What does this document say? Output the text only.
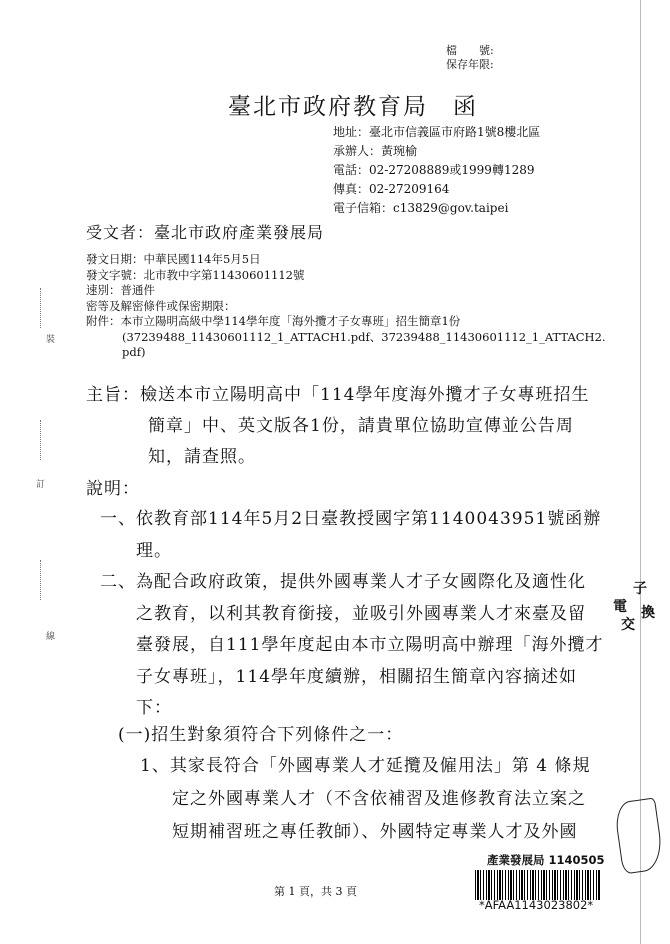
檔　　號:
保存年限:
臺北市政府教育局　函
地址：臺北市信義區市府路1號8樓北區
承辦人：黃琬榆
電話：02-27208889或1999轉1289
傳真：02-27209164
電子信箱：c13829@gov.taipei
受文者：臺北市政府產業發展局
發文日期：中華民國114年5月5日
發文字號：北市教中字第11430601112號
速別：普通件
密等及解密條件或保密期限：
附件：本市立陽明高級中學114學年度「海外攬才子女專班」招生簡章1份
(37239488_11430601112_1_ATTACH1.pdf、37239488_11430601112_1_ATTACH2.
pdf)
主旨：檢送本市立陽明高中「114學年度海外攬才子女專班招生
簡章」中、英文版各1份，請貴單位協助宣傳並公告周
知，請查照。
說明：
一、依教育部114年5月2日臺教授國字第1140043951號函辦
理。
二、為配合政府政策，提供外國專業人才子女國際化及適性化
之教育，以利其教育銜接，並吸引外國專業人才來臺及留
臺發展，自111學年度起由本市立陽明高中辦理「海外攬才
子女專班」，114學年度續辦，相關招生簡章內容摘述如
下：
(一)招生對象須符合下列條件之一：
1、其家長符合「外國專業人才延攬及僱用法」第 4 條規
定之外國專業人才（不含依補習及進修教育法立案之
短期補習班之專任教師）、外國特定專業人才及外國
電
子
交
換
產業發展局 1140505
*AFAA1143023802*
第 1 頁，共 3 頁
裝
訂
線
